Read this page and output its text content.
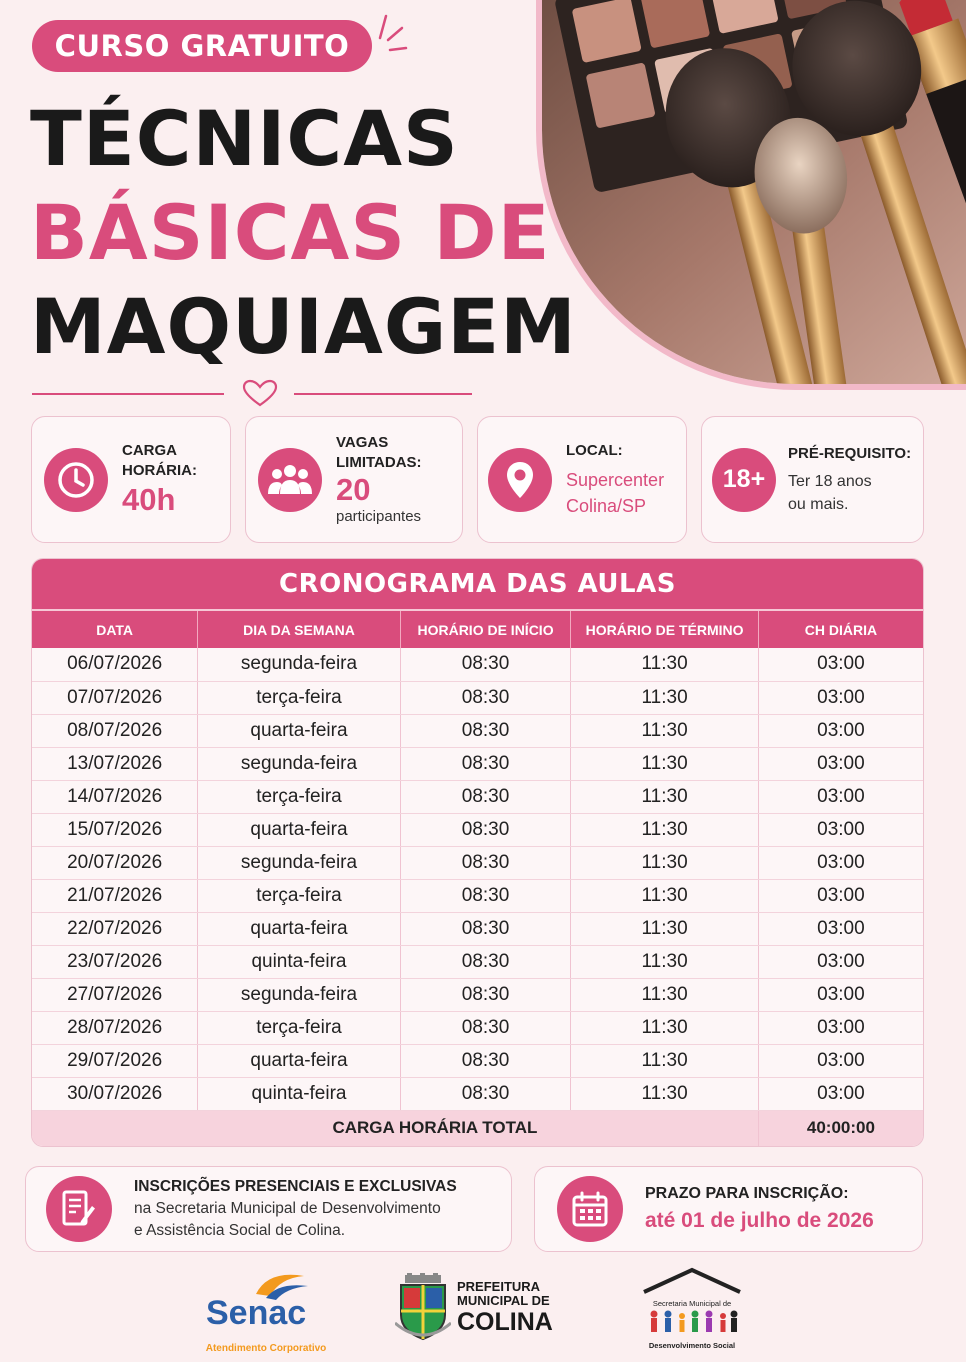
CURSO GRATUITO
TÉCNICAS
BÁSICAS DE
MAQUIAGEM
CARGA
HORÁRIA:
40h
VAGAS
LIMITADAS:
20
participantes
LOCAL:
Supercenter
Colina/SP
18+
PRÉ-REQUISITO:
Ter 18 anos
ou mais.
CRONOGRAMA DAS AULAS
DATA	DIA DA SEMANA	HORÁRIO DE INÍCIO	HORÁRIO DE TÉRMINO	CH DIÁRIA
06/07/2026	segunda-feira	08:30	11:30	03:00
07/07/2026	terça-feira	08:30	11:30	03:00
08/07/2026	quarta-feira	08:30	11:30	03:00
13/07/2026	segunda-feira	08:30	11:30	03:00
14/07/2026	terça-feira	08:30	11:30	03:00
15/07/2026	quarta-feira	08:30	11:30	03:00
20/07/2026	segunda-feira	08:30	11:30	03:00
21/07/2026	terça-feira	08:30	11:30	03:00
22/07/2026	quarta-feira	08:30	11:30	03:00
23/07/2026	quinta-feira	08:30	11:30	03:00
27/07/2026	segunda-feira	08:30	11:30	03:00
28/07/2026	terça-feira	08:30	11:30	03:00
29/07/2026	quarta-feira	08:30	11:30	03:00
30/07/2026	quinta-feira	08:30	11:30	03:00
CARGA HORÁRIA TOTAL				40:00:00
INSCRIÇÕES PRESENCIAIS E EXCLUSIVAS
na Secretaria Municipal de Desenvolvimento
e Assistência Social de Colina.
PRAZO PARA INSCRIÇÃO:
até 01 de julho de 2026
Senac
Atendimento Corporativo
PREFEITURA
MUNICIPAL DE
COLINA
Secretaria Municipal de
Desenvolvimento Social
